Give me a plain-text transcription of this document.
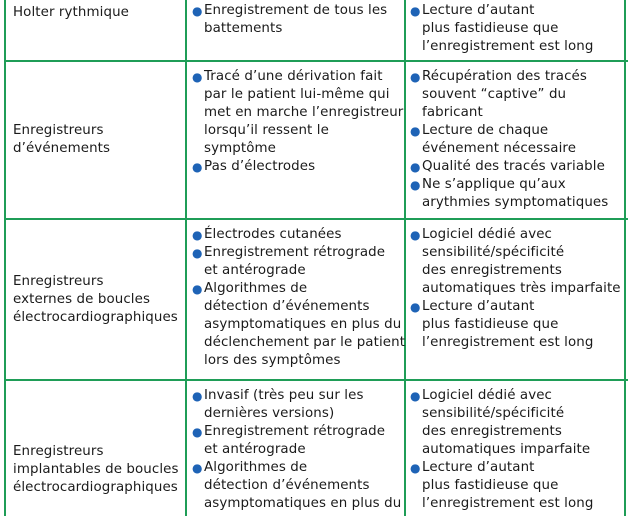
Holter rythmique	● Enregistrement de tous les
battements
● Lecture d’autant
plus fastidieuse que
l’enregistrement est long
Enregistreurs
d’événements
● Tracé d’une dérivation fait
par le patient lui-même qui
met en marche l’enregistreur
lorsqu’il ressent le
symptôme
● Pas d’électrodes
● Récupération des tracés
souvent “captive” du
fabricant
● Lecture de chaque
événement nécessaire
● Qualité des tracés variable
● Ne s’applique qu’aux
arythmies symptomatiques
Enregistreurs
externes de boucles
électrocardiographiques
● Électrodes cutanées
● Enregistrement rétrograde
et antérograde
● Algorithmes de
détection d’événements
asymptomatiques en plus du
déclenchement par le patient
lors des symptômes
● Logiciel dédié avec
sensibilité/spécificité
des enregistrements
automatiques très imparfaite
● Lecture d’autant
plus fastidieuse que
l’enregistrement est long
Enregistreurs
implantables de boucles
électrocardiographiques
● Invasif (très peu sur les
dernières versions)
● Enregistrement rétrograde
et antérograde
● Algorithmes de
détection d’événements
asymptomatiques en plus du
● Logiciel dédié avec
sensibilité/spécificité
des enregistrements
automatiques imparfaite
● Lecture d’autant
plus fastidieuse que
l’enregistrement est long
